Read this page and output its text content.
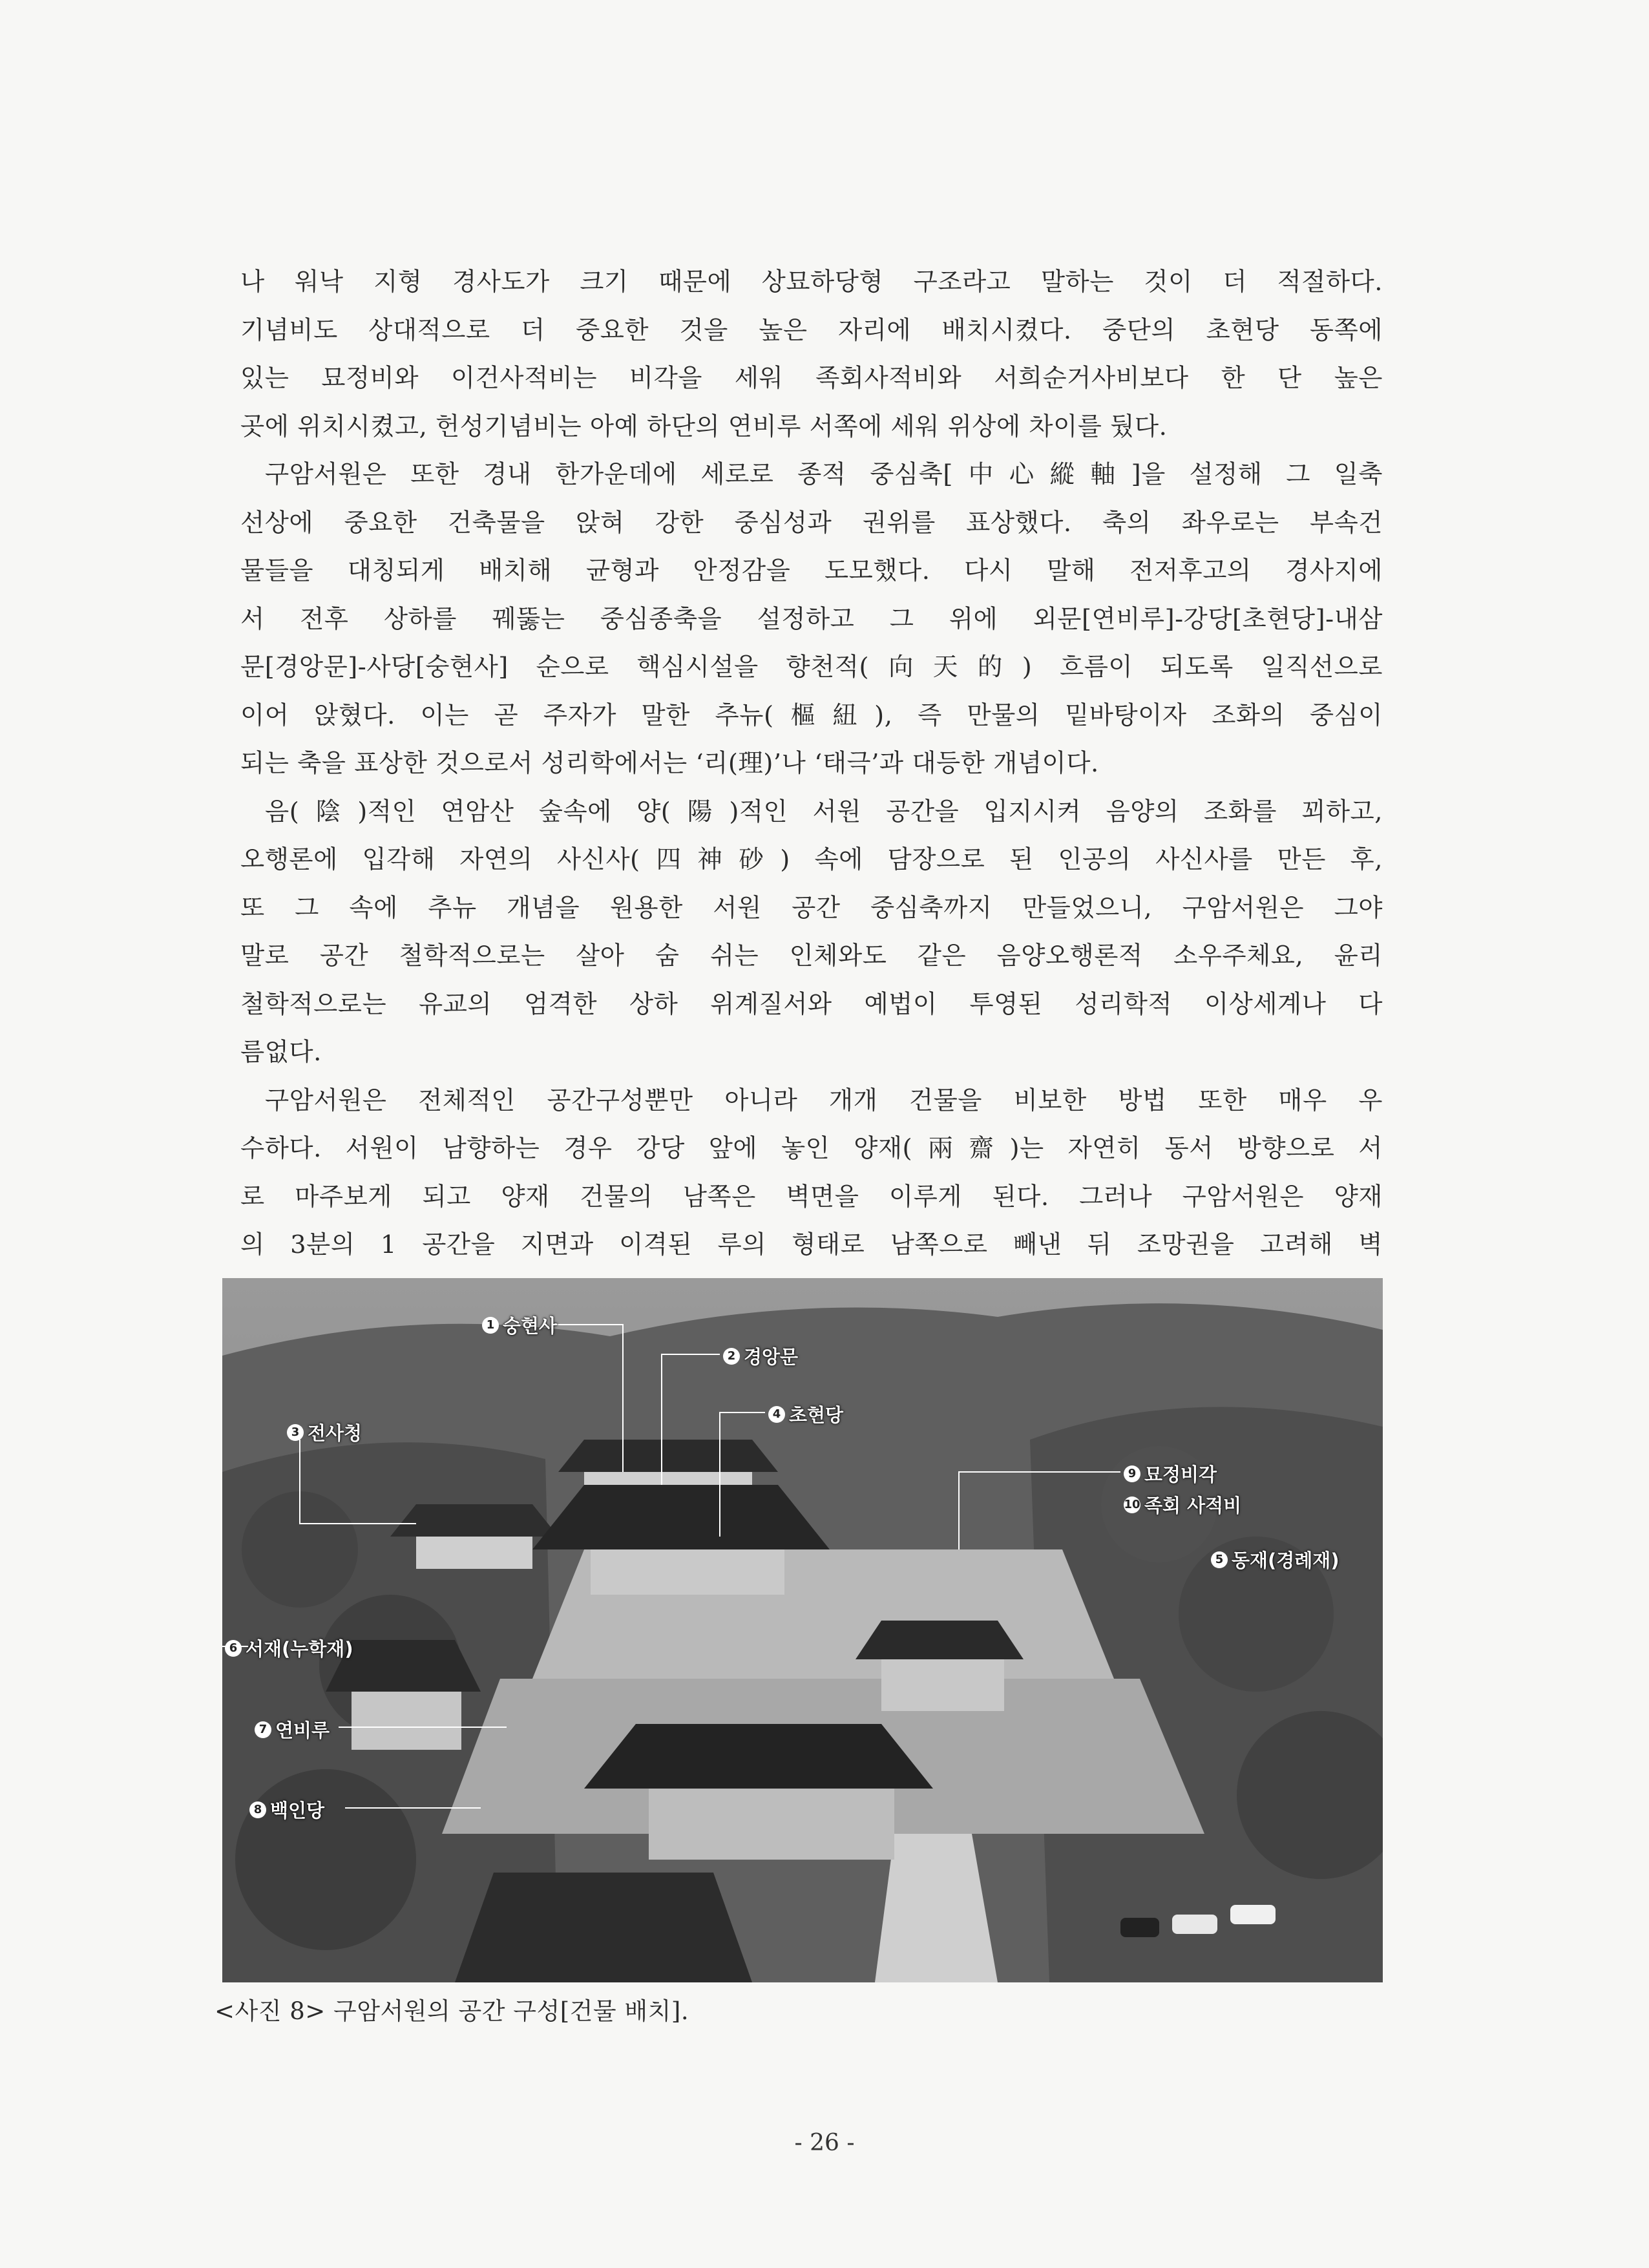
나 워낙 지형 경사도가 크기 때문에 상묘하당형 구조라고 말하는 것이 더 적절하다.

기념비도 상대적으로 더 중요한 것을 높은 자리에 배치시켰다. 중단의 초현당 동쪽에

있는 묘정비와 이건사적비는 비각을 세워 족회사적비와 서희순거사비보다 한 단 높은

곳에 위치시켰고, 헌성기념비는 아예 하단의 연비루 서쪽에 세워 위상에 차이를 뒀다.

구암서원은 또한 경내 한가운데에 세로로 종적 중심축[中心縱軸]을 설정해 그 일축

선상에 중요한 건축물을 앉혀 강한 중심성과 권위를 표상했다. 축의 좌우로는 부속건

물들을 대칭되게 배치해 균형과 안정감을 도모했다. 다시 말해 전저후고의 경사지에

서 전후 상하를 꿰뚫는 중심종축을 설정하고 그 위에 외문[연비루]-강당[초현당]-내삼

문[경앙문]-사당[숭현사] 순으로 핵심시설을 향천적(向天的) 흐름이 되도록 일직선으로

이어 앉혔다. 이는 곧 주자가 말한 추뉴(樞紐), 즉 만물의 밑바탕이자 조화의 중심이

되는 축을 표상한 것으로서 성리학에서는 ‘리(理)’나 ‘태극’과 대등한 개념이다.

음(陰)적인 연암산 숲속에 양(陽)적인 서원 공간을 입지시켜 음양의 조화를 꾀하고,

오행론에 입각해 자연의 사신사(四神砂) 속에 담장으로 된 인공의 사신사를 만든 후,

또 그 속에 추뉴 개념을 원용한 서원 공간 중심축까지 만들었으니, 구암서원은 그야

말로 공간 철학적으로는 살아 숨 쉬는 인체와도 같은 음양오행론적 소우주체요, 윤리

철학적으로는 유교의 엄격한 상하 위계질서와 예법이 투영된 성리학적 이상세계나 다

름없다.

구암서원은 전체적인 공간구성뿐만 아니라 개개 건물을 비보한 방법 또한 매우 우

수하다. 서원이 남향하는 경우 강당 앞에 놓인 양재(兩齋)는 자연히 동서 방향으로 서

로 마주보게 되고 양재 건물의 남쪽은 벽면을 이루게 된다. 그러나 구암서원은 양재

의 3분의 1 공간을 지면과 이격된 루의 형태로 남쪽으로 빼낸 뒤 조망권을 고려해 벽

1 숭현사
2 경앙문
4 초현당
3 전사청
9 묘정비각
10 족회 사적비
5 동재(경례재)
6 서재(누학재)
7 연비루
8 백인당
<사진 8> 구암서원의 공간 구성[건물 배치].
- 26 -
